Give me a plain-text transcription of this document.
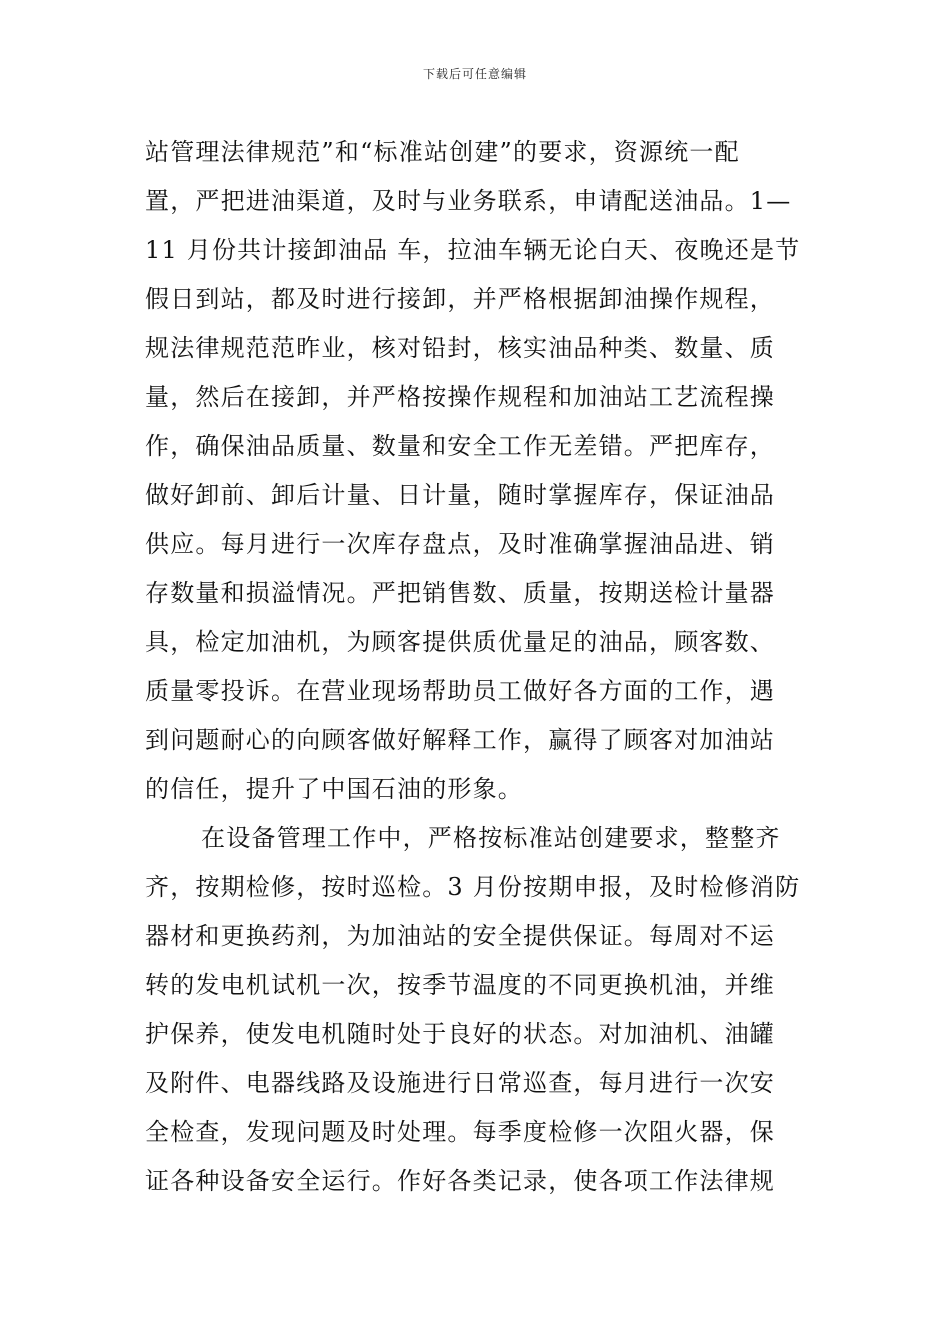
下载后可任意编辑
站管理法律规范”和“标准站创建”的要求，资源统一配
置，严把进油渠道，及时与业务联系，申请配送油品。1—
11 月份共计接卸油品 车，拉油车辆无论白天、夜晚还是节
假日到站，都及时进行接卸，并严格根据卸油操作规程，
规法律规范范昨业，核对铅封，核实油品种类、数量、质
量，然后在接卸，并严格按操作规程和加油站工艺流程操
作，确保油品质量、数量和安全工作无差错。严把库存，
做好卸前、卸后计量、日计量，随时掌握库存，保证油品
供应。每月进行一次库存盘点，及时准确掌握油品进、销
存数量和损溢情况。严把销售数、质量，按期送检计量器
具，检定加油机，为顾客提供质优量足的油品，顾客数、
质量零投诉。在营业现场帮助员工做好各方面的工作，遇
到问题耐心的向顾客做好解释工作，赢得了顾客对加油站
的信任，提升了中国石油的形象。
在设备管理工作中，严格按标准站创建要求，整整齐
齐，按期检修，按时巡检。3 月份按期申报，及时检修消防
器材和更换药剂，为加油站的安全提供保证。每周对不运
转的发电机试机一次，按季节温度的不同更换机油，并维
护保养，使发电机随时处于良好的状态。对加油机、油罐
及附件、电器线路及设施进行日常巡查，每月进行一次安
全检查，发现问题及时处理。每季度检修一次阻火器，保
证各种设备安全运行。作好各类记录，使各项工作法律规
